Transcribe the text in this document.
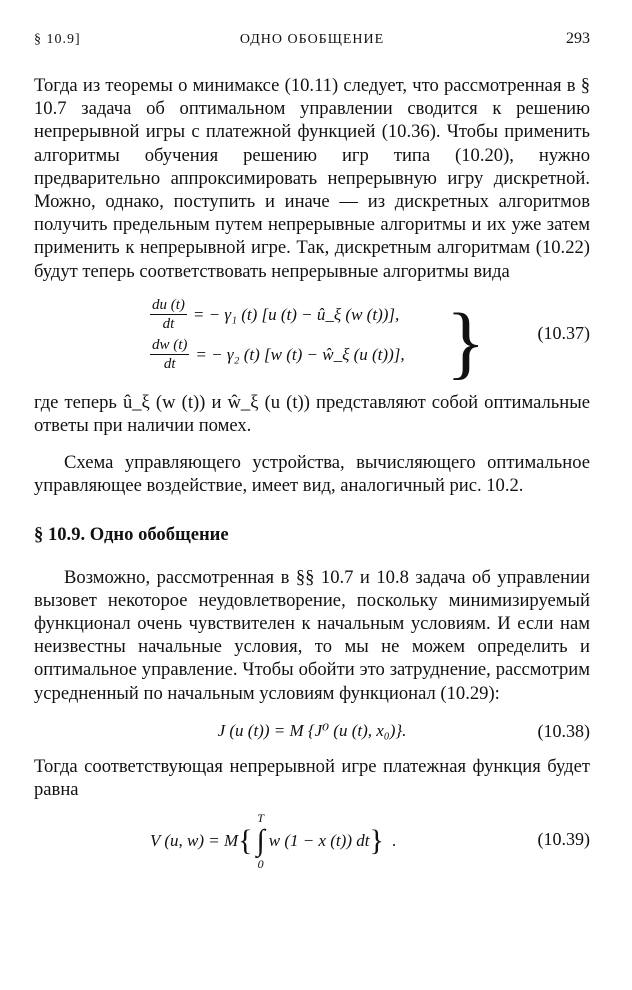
§ 10.9]	ОДНО ОБОБЩЕНИЕ	293

Тогда из теоремы о минимаксе (10.11) следует, что рассмотренная в § 10.7 задача об оптимальном управлении сводится к решению непрерывной игры с платежной функцией (10.36). Чтобы применить алгоритмы обучения решению игр типа (10.20), нужно предварительно аппроксимировать непрерывную игру дискретной. Можно, однако, поступить и иначе — из дискретных алгоритмов получить предельным путем непрерывные алгоритмы и их уже затем применить к непрерывной игре. Так, дискретным алгоритмам (10.22) будут теперь соответствовать непрерывные алгоритмы вида

$\frac{du (t)}{dt}$ = − γ₁ (t) [u (t) − û_ξ (w (t))],
$\frac{dw (t)}{dt}$ = − γ₂ (t) [w (t) − ŵ_ξ (u (t))], }	(10.37)

где теперь û_ξ (w (t)) и ŵ_ξ (u (t)) представляют собой оптимальные ответы при наличии помех.

Схема управляющего устройства, вычисляющего оптимальное управляющее воздействие, имеет вид, аналогичный рис. 10.2.

§ 10.9. Одно обобщение

Возможно, рассмотренная в §§ 10.7 и 10.8 задача об управлении вызовет некоторое неудовлетворение, поскольку минимизируемый функционал очень чувствителен к начальным условиям. И если нам неизвестны начальные условия, то мы не можем определить и оптимальное управление. Чтобы обойти это затруднение, рассмотрим усредненный по начальным условиям функционал (10.29):

J (u (t)) = M {J⁰ (u (t), x₀)}.	(10.38)

Тогда соответствующая непрерывной игре платежная функция будет равна

V (u, w) = M {
T
∫
0
w (1 − x (t)) dt } .	(10.39)
